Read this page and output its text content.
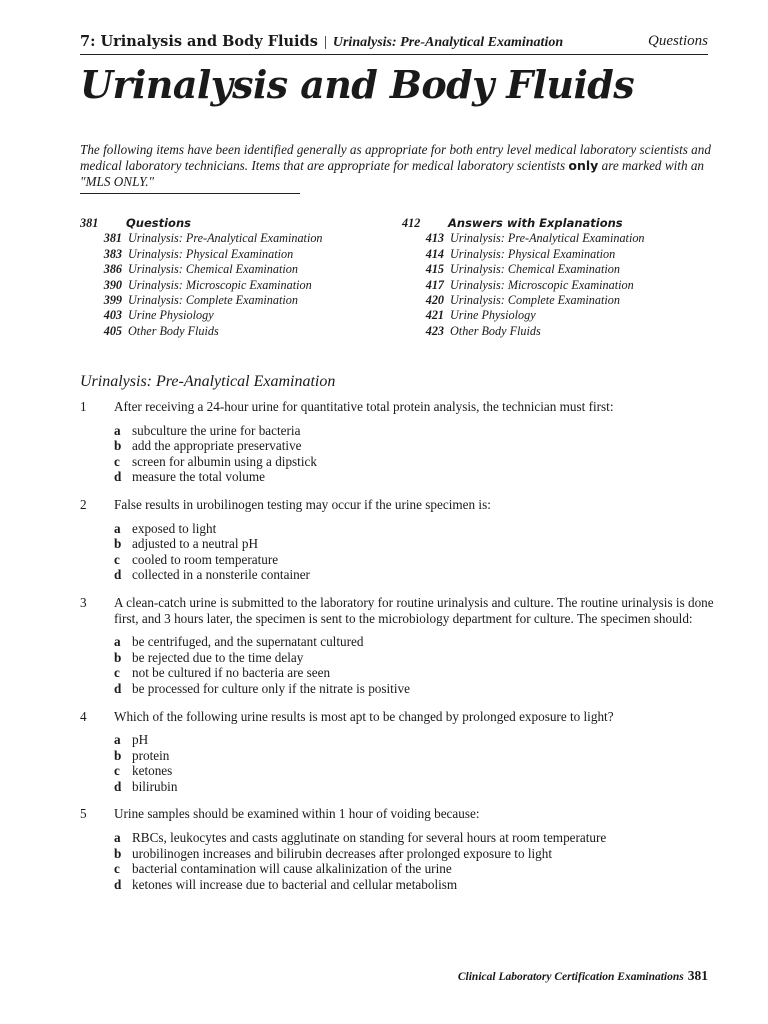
7: Urinalysis and Body Fluids | Urinalysis: Pre-Analytical Examination	Questions
Urinalysis and Body Fluids

The following items have been identified generally as appropriate for both entry level medical laboratory scientists and medical laboratory technicians. Items that are appropriate for medical laboratory scientists only are marked with an "MLS ONLY."

381 Questions
381 Urinalysis: Pre-Analytical Examination
383 Urinalysis: Physical Examination
386 Urinalysis: Chemical Examination
390 Urinalysis: Microscopic Examination
399 Urinalysis: Complete Examination
403 Urine Physiology
405 Other Body Fluids
412 Answers with Explanations
413 Urinalysis: Pre-Analytical Examination
414 Urinalysis: Physical Examination
415 Urinalysis: Chemical Examination
417 Urinalysis: Microscopic Examination
420 Urinalysis: Complete Examination
421 Urine Physiology
423 Other Body Fluids
Urinalysis: Pre-Analytical Examination
1 After receiving a 24-hour urine for quantitative total protein analysis, the technician must first:
a subculture the urine for bacteria
b add the appropriate preservative
c screen for albumin using a dipstick
d measure the total volume
2 False results in urobilinogen testing may occur if the urine specimen is:
a exposed to light
b adjusted to a neutral pH
c cooled to room temperature
d collected in a nonsterile container
3 A clean-catch urine is submitted to the laboratory for routine urinalysis and culture. The routine urinalysis is done first, and 3 hours later, the specimen is sent to the microbiology department for culture. The specimen should:
a be centrifuged, and the supernatant cultured
b be rejected due to the time delay
c not be cultured if no bacteria are seen
d be processed for culture only if the nitrate is positive
4 Which of the following urine results is most apt to be changed by prolonged exposure to light?
a pH
b protein
c ketones
d bilirubin
5 Urine samples should be examined within 1 hour of voiding because:
a RBCs, leukocytes and casts agglutinate on standing for several hours at room temperature
b urobilinogen increases and bilirubin decreases after prolonged exposure to light
c bacterial contamination will cause alkalinization of the urine
d ketones will increase due to bacterial and cellular metabolism
Clinical Laboratory Certification Examinations 381
